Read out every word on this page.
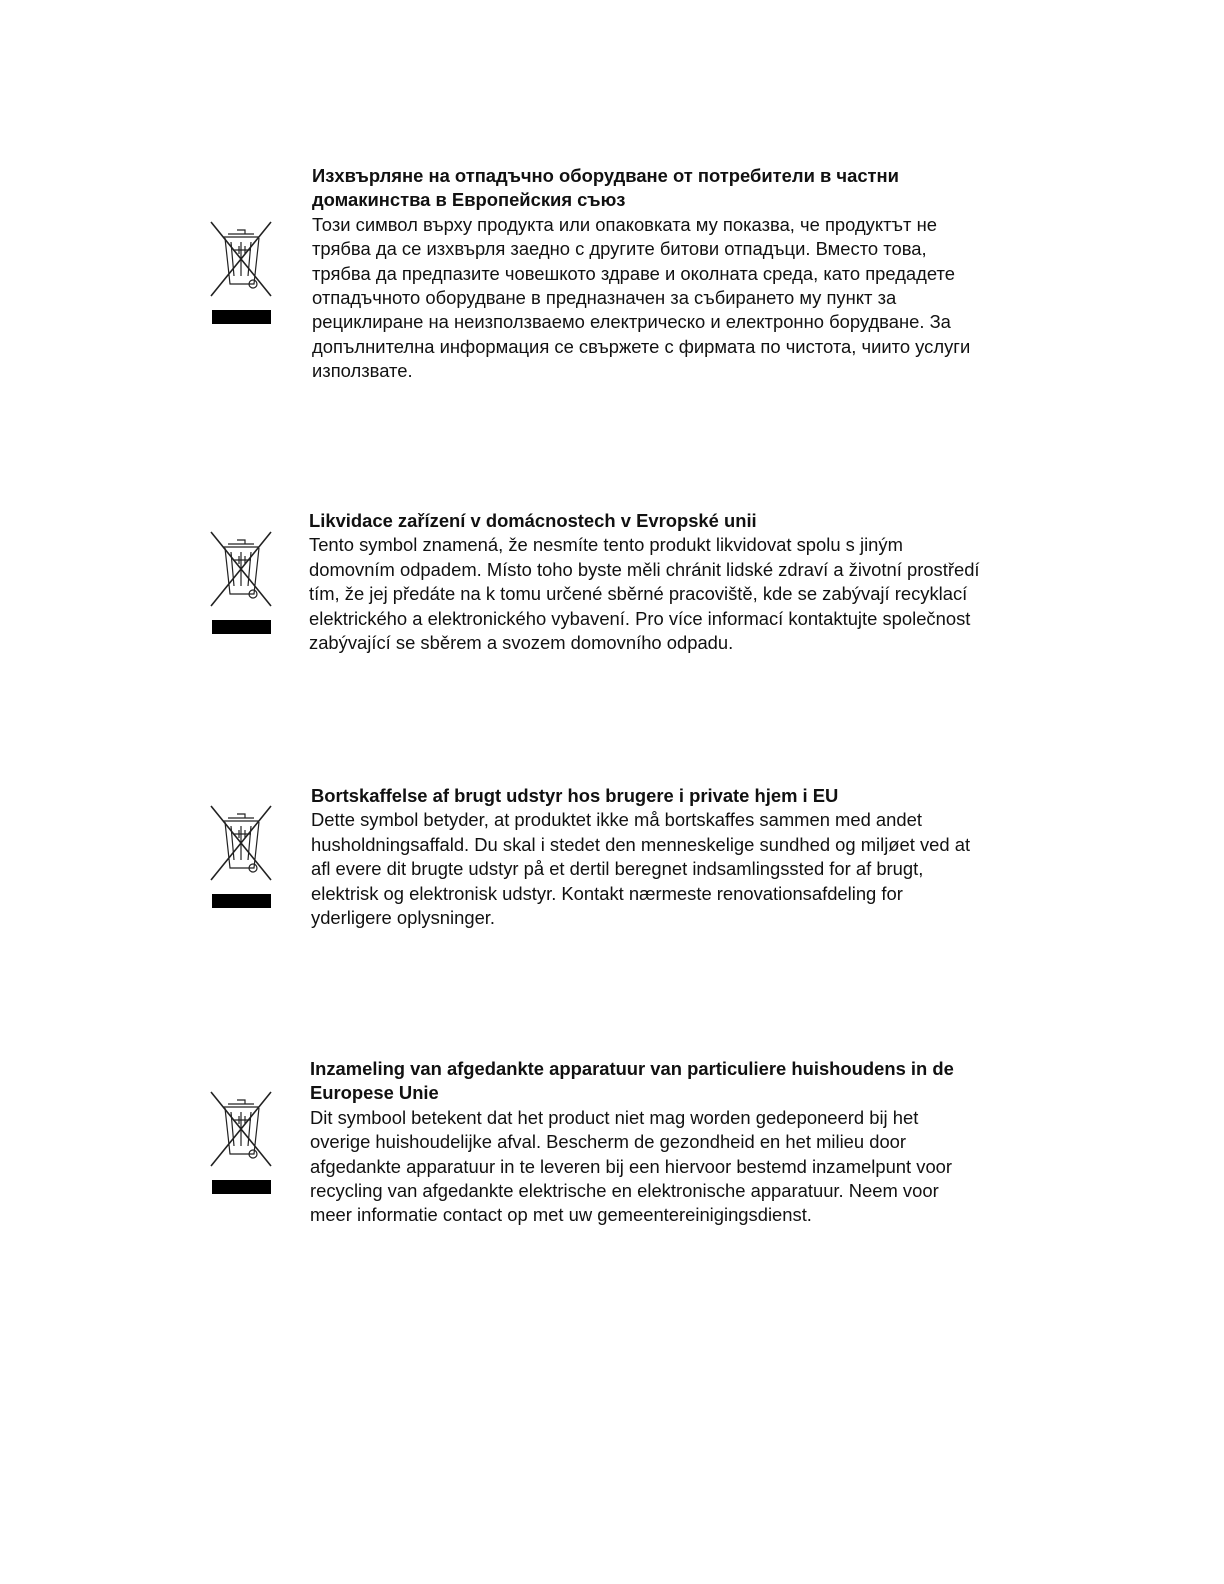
Изхвърляне на отпадъчно оборудване от потребители в частни домакинства в Европейския съюз

Този символ върху продукта или опаковката му показва, че продуктът не трябва да се изхвърля заедно с другите битови отпадъци. Вместо това, трябва да предпазите човешкото здраве и околната среда, като предадете отпадъчното оборудване в предназначен за събирането му пункт за рециклиране на неизползваемо електрическо и електронно борудване. За допълнителна информация се свържете с фирмата по чистота, чиито услуги използвате.

Likvidace zařízení v domácnostech v Evropské unii

Tento symbol znamená, že nesmíte tento produkt likvidovat spolu s jiným domovním odpadem. Místo toho byste měli chránit lidské zdraví a životní prostředí tím, že jej předáte na k tomu určené sběrné pracoviště, kde se zabývají recyklací elektrického a elektronického vybavení. Pro více informací kontaktujte společnost zabývající se sběrem a svozem domovního odpadu.

Bortskaffelse af brugt udstyr hos brugere i private hjem i EU

Dette symbol betyder, at produktet ikke må bortskaffes sammen med andet husholdningsaffald. Du skal i stedet den menneskelige sundhed og miljøet ved at afl evere dit brugte udstyr på et dertil beregnet indsamlingssted for af brugt, elektrisk og elektronisk udstyr. Kontakt nærmeste renovationsafdeling for yderligere oplysninger.

Inzameling van afgedankte apparatuur van particuliere huishoudens in de Europese Unie

Dit symbool betekent dat het product niet mag worden gedeponeerd bij het overige huishoudelijke afval. Bescherm de gezondheid en het milieu door afgedankte apparatuur in te leveren bij een hiervoor bestemd inzamelpunt voor recycling van afgedankte elektrische en elektronische apparatuur. Neem voor meer informatie contact op met uw gemeentereinigingsdienst.
